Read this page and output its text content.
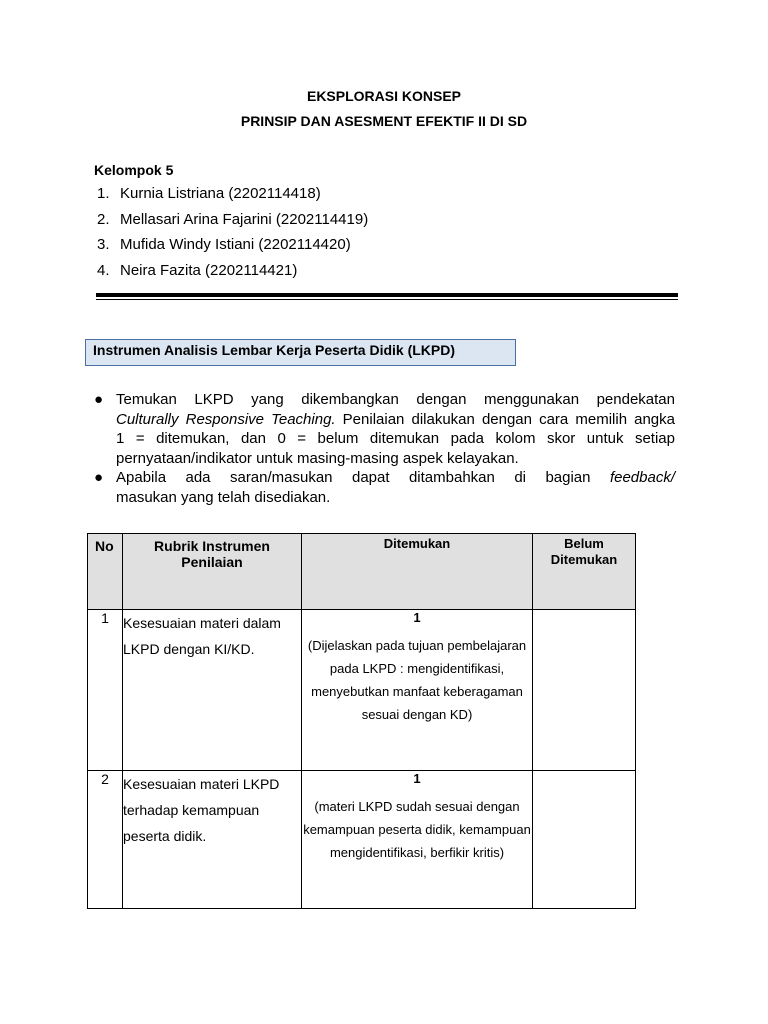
EKSPLORASI KONSEP
PRINSIP DAN ASESMENT EFEKTIF II DI SD
Kelompok 5
1. Kurnia Listriana (2202114418)
2. Mellasari Arina Fajarini (2202114419)
3. Mufida Windy Istiani (2202114420)
4. Neira Fazita (2202114421)
Instrumen Analisis Lembar Kerja Peserta Didik (LKPD)
● Temukan LKPD yang dikembangkan dengan menggunakan pendekatan
Culturally Responsive Teaching. Penilaian dilakukan dengan cara memilih angka
1 = ditemukan, dan 0 = belum ditemukan pada kolom skor untuk setiap
pernyataan/indikator untuk masing-masing aspek kelayakan.
● Apabila ada saran/masukan dapat ditambahkan di bagian feedback/
masukan yang telah disediakan.
No	Rubrik Instrumen Penilaian	Ditemukan	Belum Ditemukan
1	Kesesuaian materi dalam LKPD dengan KI/KD.	1
(Dijelaskan pada tujuan pembelajaran pada LKPD : mengidentifikasi, menyebutkan manfaat keberagaman sesuai dengan KD)	

2	Kesesuaian materi LKPD terhadap kemampuan peserta didik.	1
(materi LKPD sudah sesuai dengan kemampuan peserta didik, kemampuan mengidentifikasi, berfikir kritis)	
